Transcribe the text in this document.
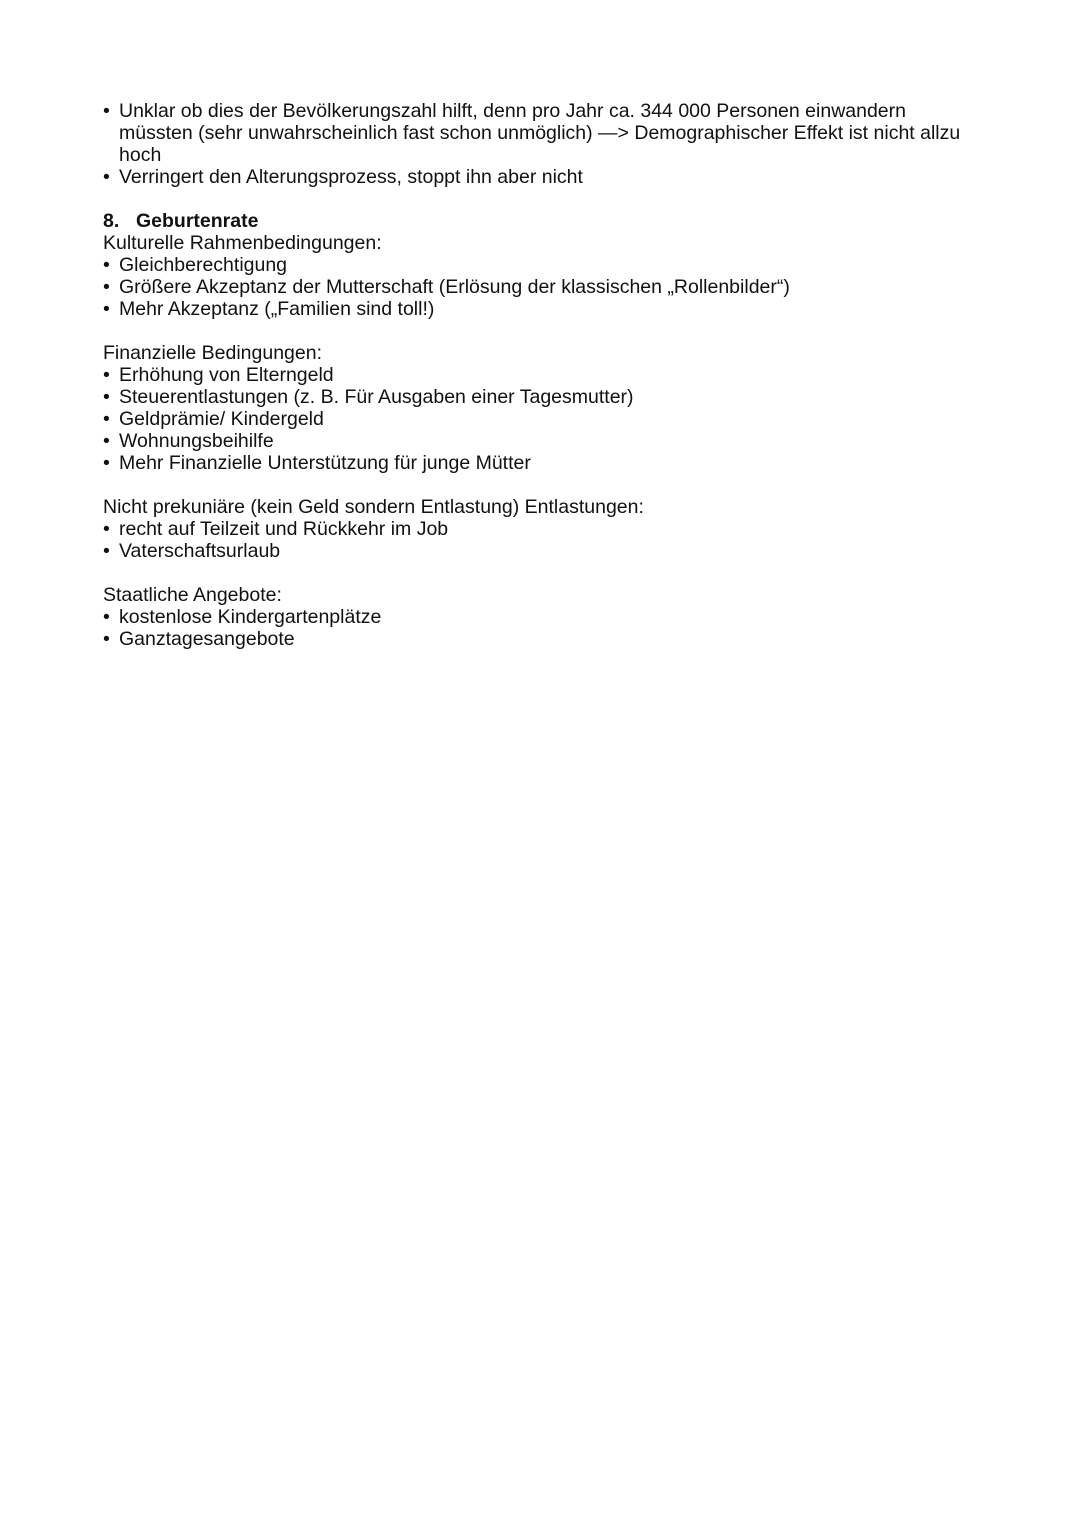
• Unklar ob dies der Bevölkerungszahl hilft, denn pro Jahr ca. 344 000 Personen einwandern müssten (sehr unwahrscheinlich fast schon unmöglich) —> Demographischer Effekt ist nicht allzu hoch
• Verringert den Alterungsprozess, stoppt ihn aber nicht
8. Geburtenrate

Kulturelle Rahmenbedingungen:

• Gleichberechtigung
• Größere Akzeptanz der Mutterschaft (Erlösung der klassischen „Rollenbilder“)
• Mehr Akzeptanz („Familien sind toll!)

Finanzielle Bedingungen:

• Erhöhung von Elterngeld
• Steuerentlastungen (z. B. Für Ausgaben einer Tagesmutter)
• Geldprämie/ Kindergeld
• Wohnungsbeihilfe
• Mehr Finanzielle Unterstützung für junge Mütter

Nicht prekuniäre (kein Geld sondern Entlastung) Entlastungen:

• recht auf Teilzeit und Rückkehr im Job
• Vaterschaftsurlaub

Staatliche Angebote:

• kostenlose Kindergartenplätze
• Ganztagesangebote
